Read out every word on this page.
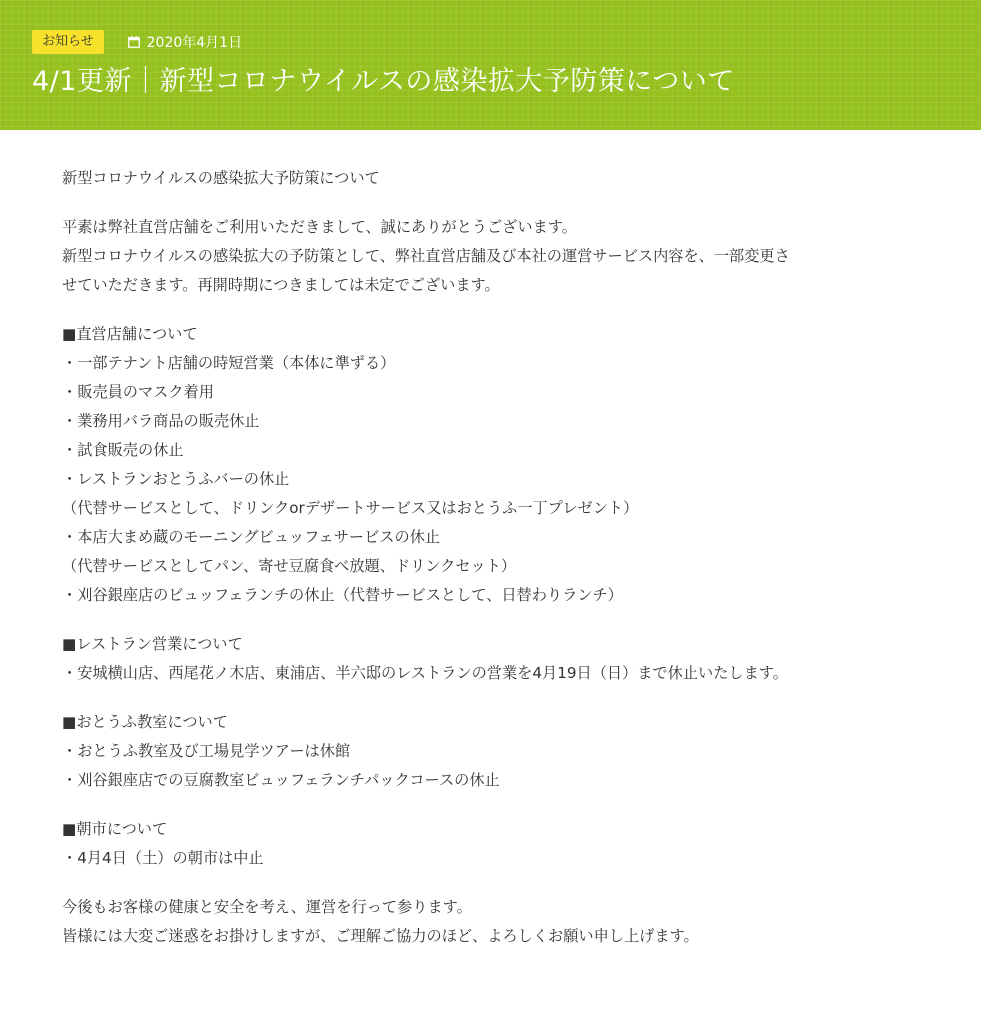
お知らせ	2020年4月1日
4/1更新｜新型コロナウイルスの感染拡大予防策について

新型コロナウイルスの感染拡大予防策について

平素は弊社直営店舗をご利用いただきまして、誠にありがとうございます。

新型コロナウイルスの感染拡大の予防策として、弊社直営店舗及び本社の運営サービス内容を、一部変更さ

せていただきます。再開時期につきましては未定でございます。

■直営店舗について

・一部テナント店舗の時短営業（本体に準ずる）

・販売員のマスク着用

・業務用バラ商品の販売休止

・試食販売の休止

・レストランおとうふバーの休止

（代替サービスとして、ドリンクorデザートサービス又はおとうふ一丁プレゼント）

・本店大まめ蔵のモーニングビュッフェサービスの休止

（代替サービスとしてパン、寄せ豆腐食べ放題、ドリンクセット）

・刈谷銀座店のビュッフェランチの休止（代替サービスとして、日替わりランチ）

■レストラン営業について

・安城横山店、西尾花ノ木店、東浦店、半六邸のレストランの営業を4月19日（日）まで休止いたします。

■おとうふ教室について

・おとうふ教室及び工場見学ツアーは休館

・刈谷銀座店での豆腐教室ビュッフェランチパックコースの休止

■朝市について

・4月4日（土）の朝市は中止

今後もお客様の健康と安全を考え、運営を行って参ります。

皆様には大変ご迷惑をお掛けしますが、ご理解ご協力のほど、よろしくお願い申し上げます。
